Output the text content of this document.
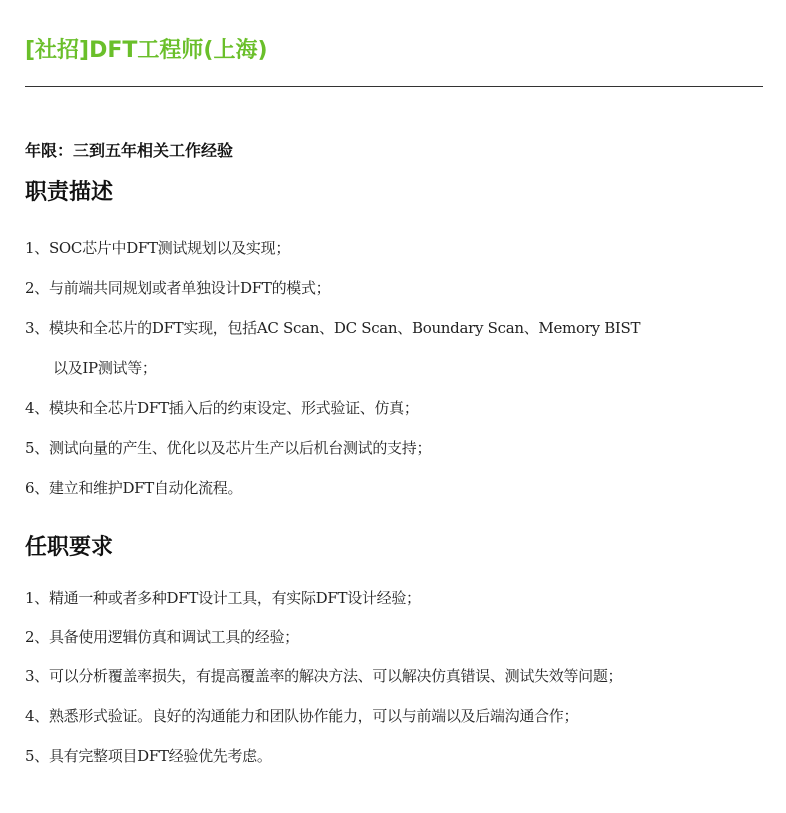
[社招]DFT工程师(上海)
年限：三到五年相关工作经验
职责描述
1、SOC芯片中DFT测试规划以及实现；
2、与前端共同规划或者单独设计DFT的模式；
3、模块和全芯片的DFT实现，包括AC Scan、DC Scan、Boundary Scan、Memory BIST
以及IP测试等；
4、模块和全芯片DFT插入后的约束设定、形式验证、仿真；
5、测试向量的产生、优化以及芯片生产以后机台测试的支持；
6、建立和维护DFT自动化流程。
任职要求
1、精通一种或者多种DFT设计工具，有实际DFT设计经验；
2、具备使用逻辑仿真和调试工具的经验；
3、可以分析覆盖率损失，有提高覆盖率的解决方法、可以解决仿真错误、测试失效等问题；
4、熟悉形式验证。良好的沟通能力和团队协作能力，可以与前端以及后端沟通合作；
5、具有完整项目DFT经验优先考虑。
